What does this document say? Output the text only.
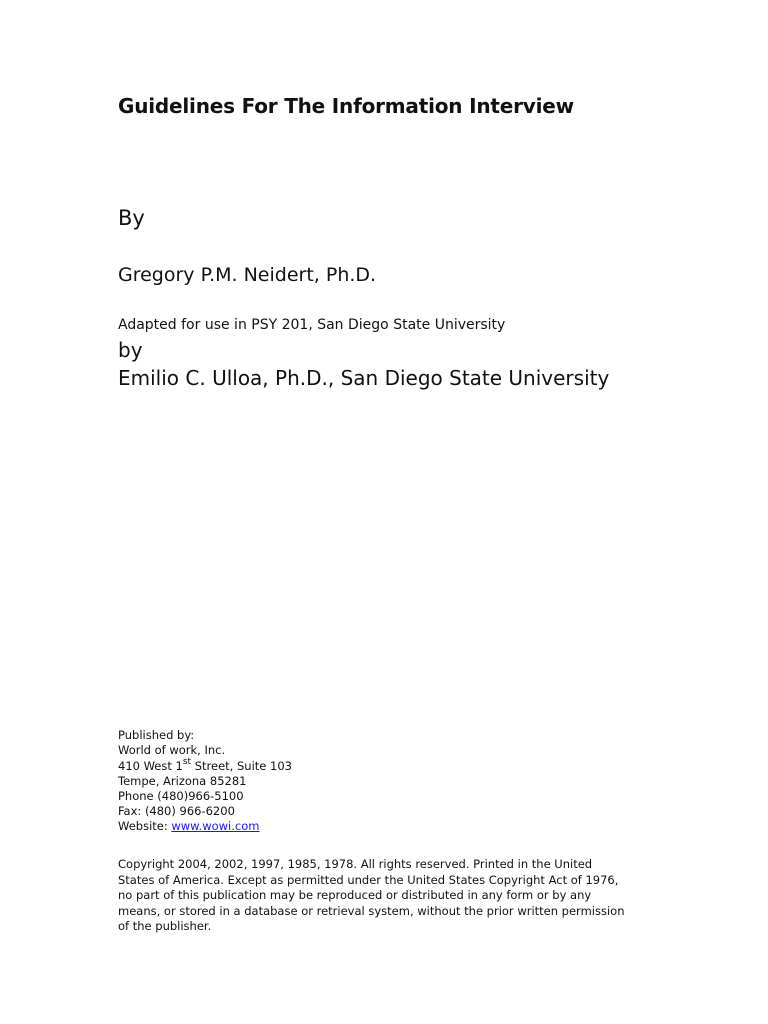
Guidelines For The Information Interview
By
Gregory P.M. Neidert, Ph.D.
Adapted for use in PSY 201, San Diego State University
by
Emilio C. Ulloa, Ph.D., San Diego State University
Published by:
World of work, Inc.
410 West 1st Street, Suite 103
Tempe, Arizona 85281
Phone (480)966-5100
Fax: (480) 966-6200
Website: www.wowi.com
Copyright 2004, 2002, 1997, 1985, 1978. All rights reserved. Printed in the United States of America. Except as permitted under the United States Copyright Act of 1976, no part of this publication may be reproduced or distributed in any form or by any means, or stored in a database or retrieval system, without the prior written permission of the publisher.
